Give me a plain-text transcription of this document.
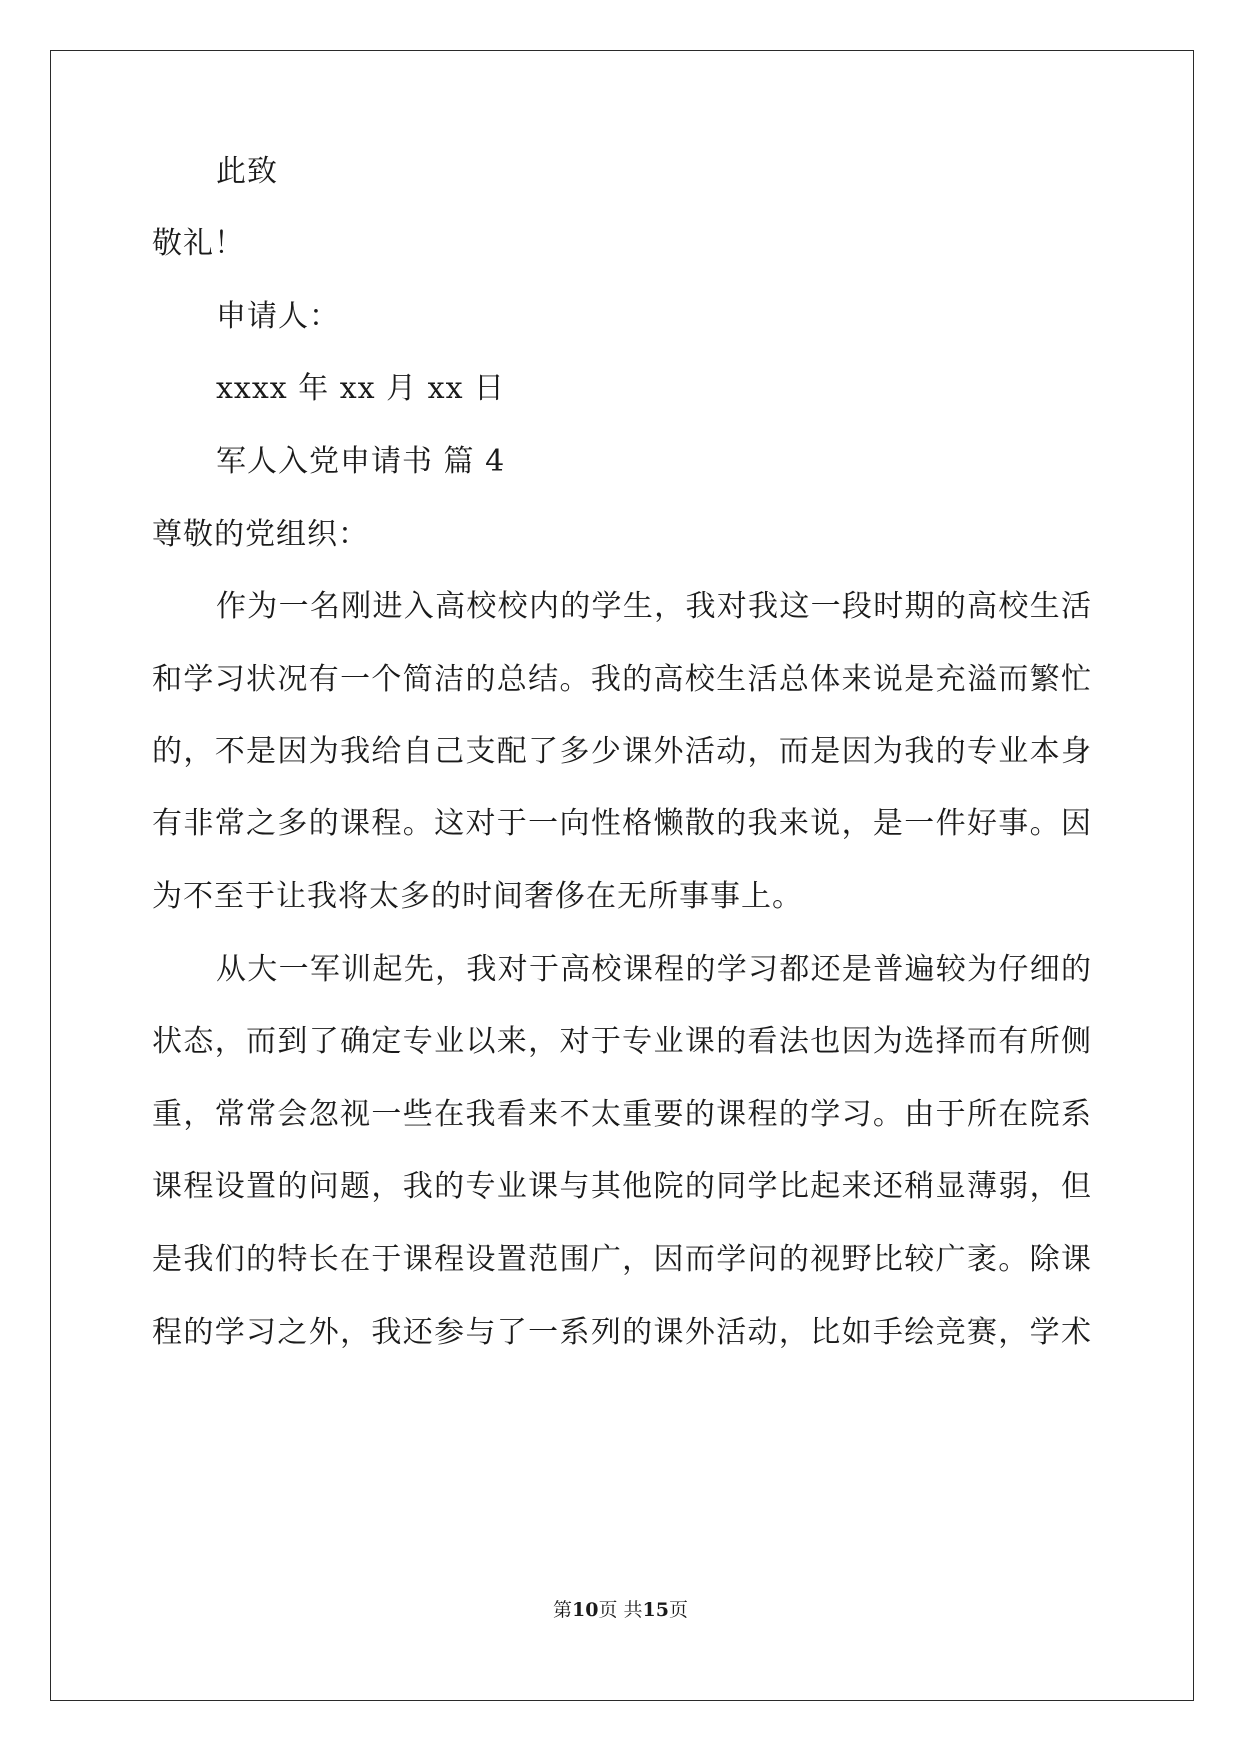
此致
敬礼！
申请人：
xxxx 年 xx 月 xx 日
军人入党申请书 篇 4
尊敬的党组织：
作为一名刚进入高校校内的学生，我对我这一段时期的高校生活
和学习状况有一个简洁的总结。我的高校生活总体来说是充溢而繁忙
的，不是因为我给自己支配了多少课外活动，而是因为我的专业本身
有非常之多的课程。这对于一向性格懒散的我来说，是一件好事。因
为不至于让我将太多的时间奢侈在无所事事上。
从大一军训起先，我对于高校课程的学习都还是普遍较为仔细的
状态，而到了确定专业以来，对于专业课的看法也因为选择而有所侧
重，常常会忽视一些在我看来不太重要的课程的学习。由于所在院系
课程设置的问题，我的专业课与其他院的同学比起来还稍显薄弱，但
是我们的特长在于课程设置范围广，因而学问的视野比较广袤。除课
程的学习之外，我还参与了一系列的课外活动，比如手绘竞赛，学术
第10页 共15页
